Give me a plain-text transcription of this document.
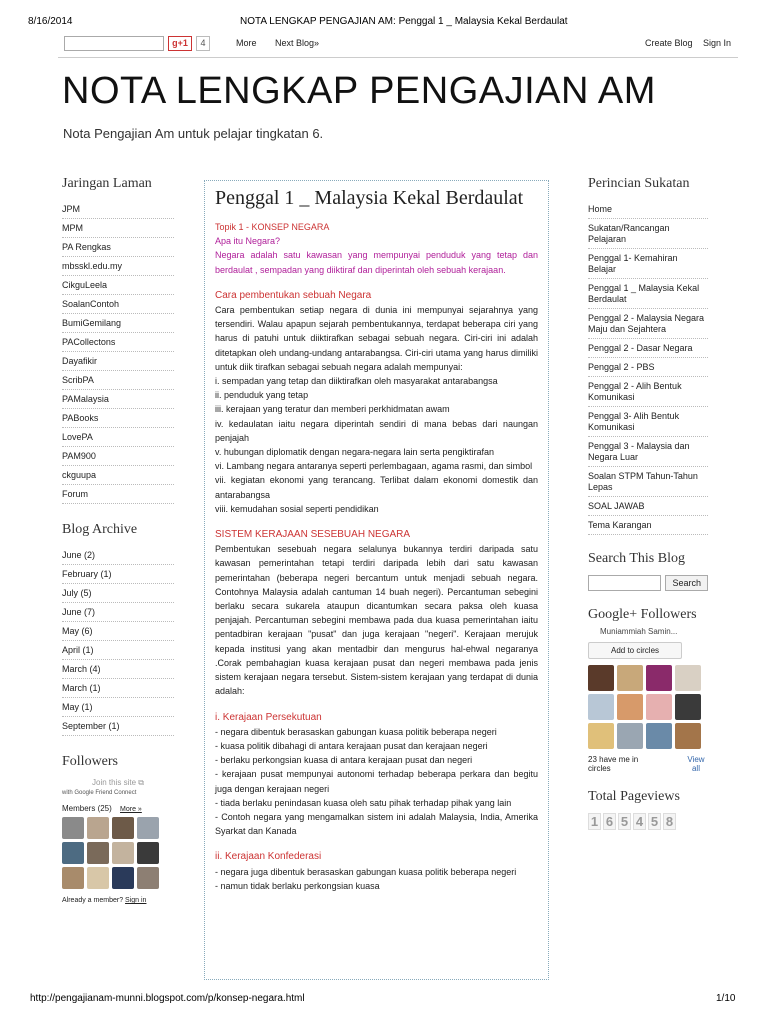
8/16/2014	NOTA LENGKAP PENGAJIAN AM: Penggal 1 _ Malaysia Kekal Berdaulat
g+1	4	More Next Blog»	Create Blog Sign In
NOTA LENGKAP PENGAJIAN AM
Nota Pengajian Am untuk pelajar tingkatan 6.
Jaringan Laman
JPM
MPM
PA Rengkas
mbsskl.edu.my
CikguLeela
SoalanContoh
BumiGemilang
PACollectons
Dayafikir
ScribPA
PAMalaysia
PABooks
LovePA
PAM900
ckguupa
Forum
Blog Archive
June (2)
February (1)
July (5)
June (7)
May (6)
April (1)
March (4)
March (1)
May (1)
September (1)
Followers
Join this site ⧉
with Google Friend Connect
Members (25) More »
Already a member? Sign in
Penggal 1 _ Malaysia Kekal Berdaulat
Topik 1 - KONSEP NEGARA
Apa itu Negara?
Negara adalah satu kawasan yang mempunyai penduduk yang tetap dan berdaulat , sempadan yang diiktiraf dan diperintah oleh sebuah kerajaan.
Cara pembentukan sebuah Negara
Cara pembentukan setiap negara di dunia ini mempunyai sejarahnya yang tersendiri. Walau apapun sejarah pembentukannya, terdapat beberapa ciri yang harus di patuhi untuk diiktirafkan sebagai sebuah negara. Ciri-ciri ini adalah ditetapkan oleh undang-undang antarabangsa. Ciri-ciri utama yang harus dimiliki untuk diik tirafkan sebagai sebuah negara adalah mempunyai:
i. sempadan yang tetap dan diiktirafkan oleh masyarakat antarabangsa
ii. penduduk yang tetap
iii. kerajaan yang teratur dan memberi perkhidmatan awam
iv. kedaulatan iaitu negara diperintah sendiri di mana bebas dari naungan penjajah
v. hubungan diplomatik dengan negara-negara lain serta pengiktirafan
vi. Lambang negara antaranya seperti perlembagaan, agama rasmi, dan simbol
vii. kegiatan ekonomi yang terancang. Terlibat dalam ekonomi domestik dan antarabangsa
viii. kemudahan sosial seperti pendidikan
SISTEM KERAJAAN SESEBUAH NEGARA
Pembentukan sesebuah negara selalunya bukannya terdiri daripada satu kawasan pemerintahan tetapi terdiri daripada lebih dari satu kawasan pemerintahan (beberapa negeri bercantum untuk menjadi sebuah negara. Contohnya Malaysia adalah cantuman 14 buah negeri). Percantuman sebegini berlaku secara sukarela ataupun dicantumkan secara paksa oleh kuasa penjajah. Percantuman sebegini membawa pada dua kuasa pemerintahan iaitu pentadbiran kerajaan "pusat" dan juga kerajaan "negeri". Kerajaan merujuk kepada institusi yang akan mentadbir dan mengurus hal-ehwal negaranya .Corak pembahagian kuasa kerajaan pusat dan negeri membawa pada jenis sistem kerajaan negara tersebut. Sistem-sistem kerajaan yang terdapat di dunia adalah:
i. Kerajaan Persekutuan
- negara dibentuk berasaskan gabungan kuasa politik beberapa negeri
- kuasa politik dibahagi di antara kerajaan pusat dan kerajaan negeri
- berlaku perkongsian kuasa di antara kerajaan pusat dan negeri
- kerajaan pusat mempunyai autonomi terhadap beberapa perkara dan begitu juga dengan kerajaan negeri
- tiada berlaku penindasan kuasa oleh satu pihak terhadap pihak yang lain
- Contoh negara yang mengamalkan sistem ini adalah Malaysia, India, Amerika Syarkat dan Kanada
ii. Kerajaan Konfederasi
- negara juga dibentuk berasaskan gabungan kuasa politik beberapa negeri
- namun tidak berlaku perkongsian kuasa
Perincian Sukatan
Home
Sukatan/Rancangan Pelajaran
Penggal 1- Kemahiran Belajar
Penggal 1 _ Malaysia Kekal Berdaulat
Penggal 2 - Malaysia Negara Maju dan Sejahtera
Penggal 2 - Dasar Negara
Penggal 2 - PBS
Penggal 2 - Alih Bentuk Komunikasi
Penggal 3- Alih Bentuk Komunikasi
Penggal 3 - Malaysia dan Negara Luar
Soalan STPM Tahun-Tahun Lepas
SOAL JAWAB
Tema Karangan
Search This Blog
Search
Google+ Followers
Muniammiah Samin...
Add to circles
23 have me in circles
View all
Total Pageviews
1 6 5 4 5 8
http://pengajianam-munni.blogspot.com/p/konsep-negara.html	1/10
